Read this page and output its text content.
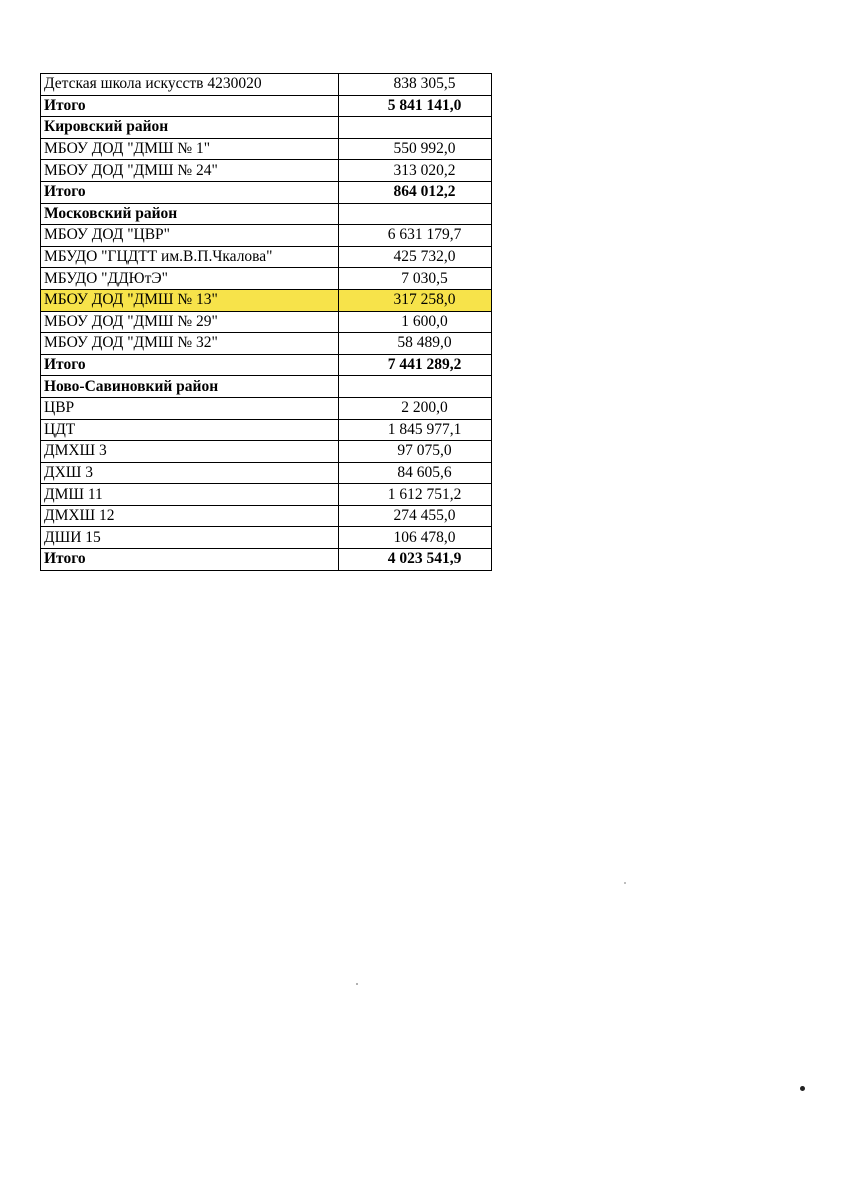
Детская школа искусств 4230020	838 305,5
Итого	5 841 141,0
Кировский район	
МБОУ ДОД "ДМШ № 1"	550 992,0
МБОУ ДОД "ДМШ № 24"	313 020,2
Итого	864 012,2
Московский район	
МБОУ ДОД "ЦВР"	6 631 179,7
МБУДО "ГЦДТТ им.В.П.Чкалова"	425 732,0
МБУДО "ДДЮтЭ"	7 030,5
МБОУ ДОД "ДМШ № 13"	317 258,0
МБОУ ДОД "ДМШ № 29"	1 600,0
МБОУ ДОД "ДМШ № 32"	58 489,0
Итого	7 441 289,2
Ново-Савиновкий район	
ЦВР	2 200,0
ЦДТ	1 845 977,1
ДМХШ 3	97 075,0
ДХШ 3	84 605,6
ДМШ 11	1 612 751,2
ДМХШ 12	274 455,0
ДШИ 15	106 478,0
Итого	4 023 541,9
